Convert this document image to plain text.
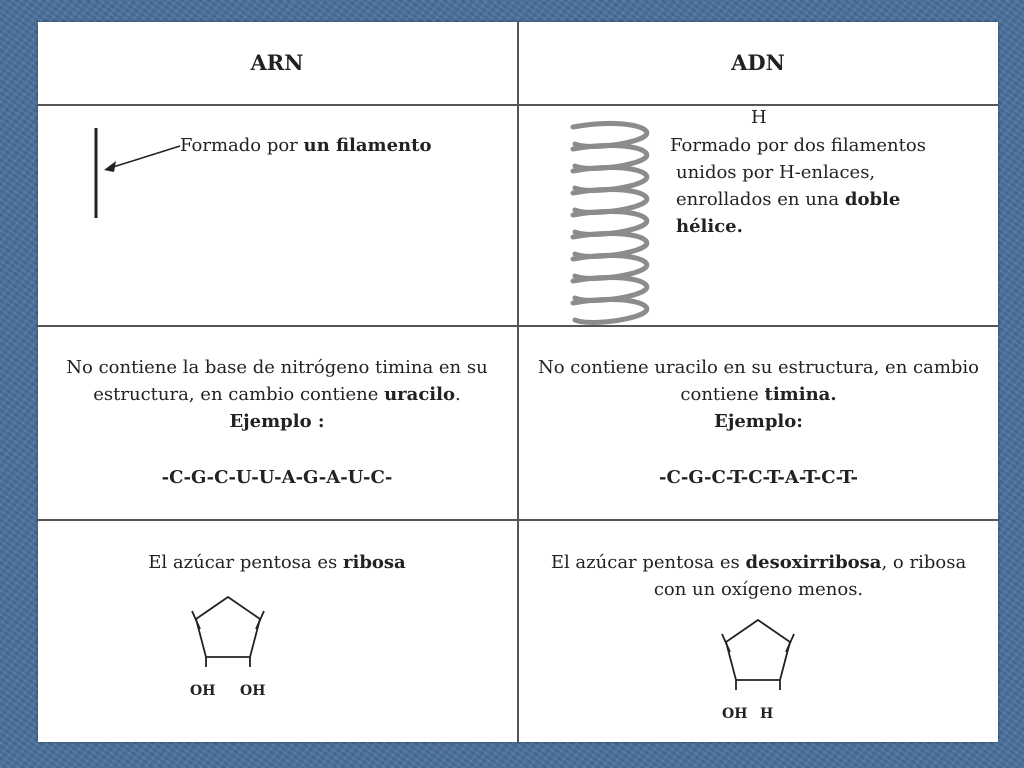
ARN	ADN
Formado por un filamento
H
Formado por dos filamentos
unidos por H-enlaces,
enrollados en una doble
hélice.
No contiene la base de nitrógeno timina en su
estructura, en cambio contiene uracilo.
Ejemplo :
-C-G-C-U-U-A-G-A-U-C-
No contiene uracilo en su estructura, en cambio
contiene timina.
Ejemplo:
-C-G-C-T-C-T-A-T-C-T-
El azúcar pentosa es ribosa
OH OH
El azúcar pentosa es desoxirribosa, o ribosa
con un oxígeno menos.
OH H
